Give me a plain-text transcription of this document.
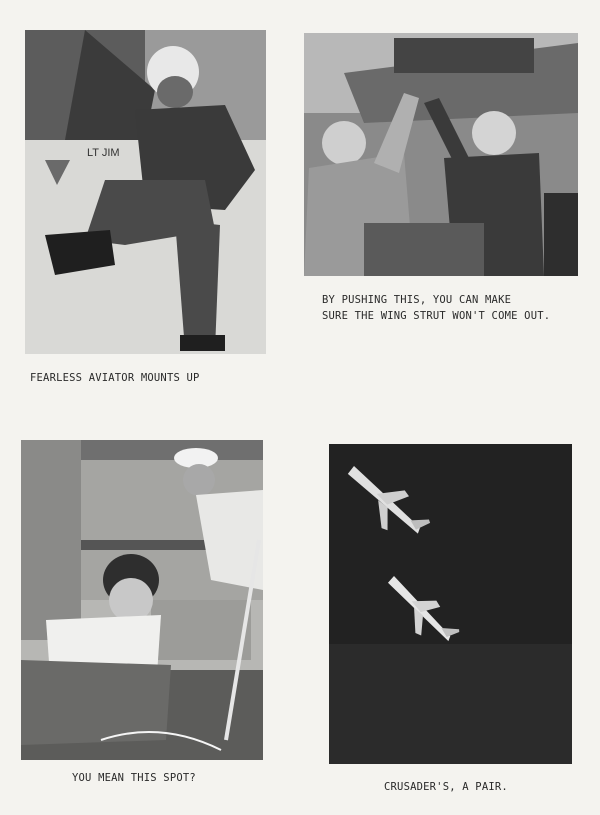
LT JIM
BY PUSHING THIS, YOU CAN MAKE
SURE THE WING STRUT WON'T COME OUT.
FEARLESS AVIATOR MOUNTS UP
YOU MEAN THIS SPOT?
CRUSADER'S, A PAIR.
